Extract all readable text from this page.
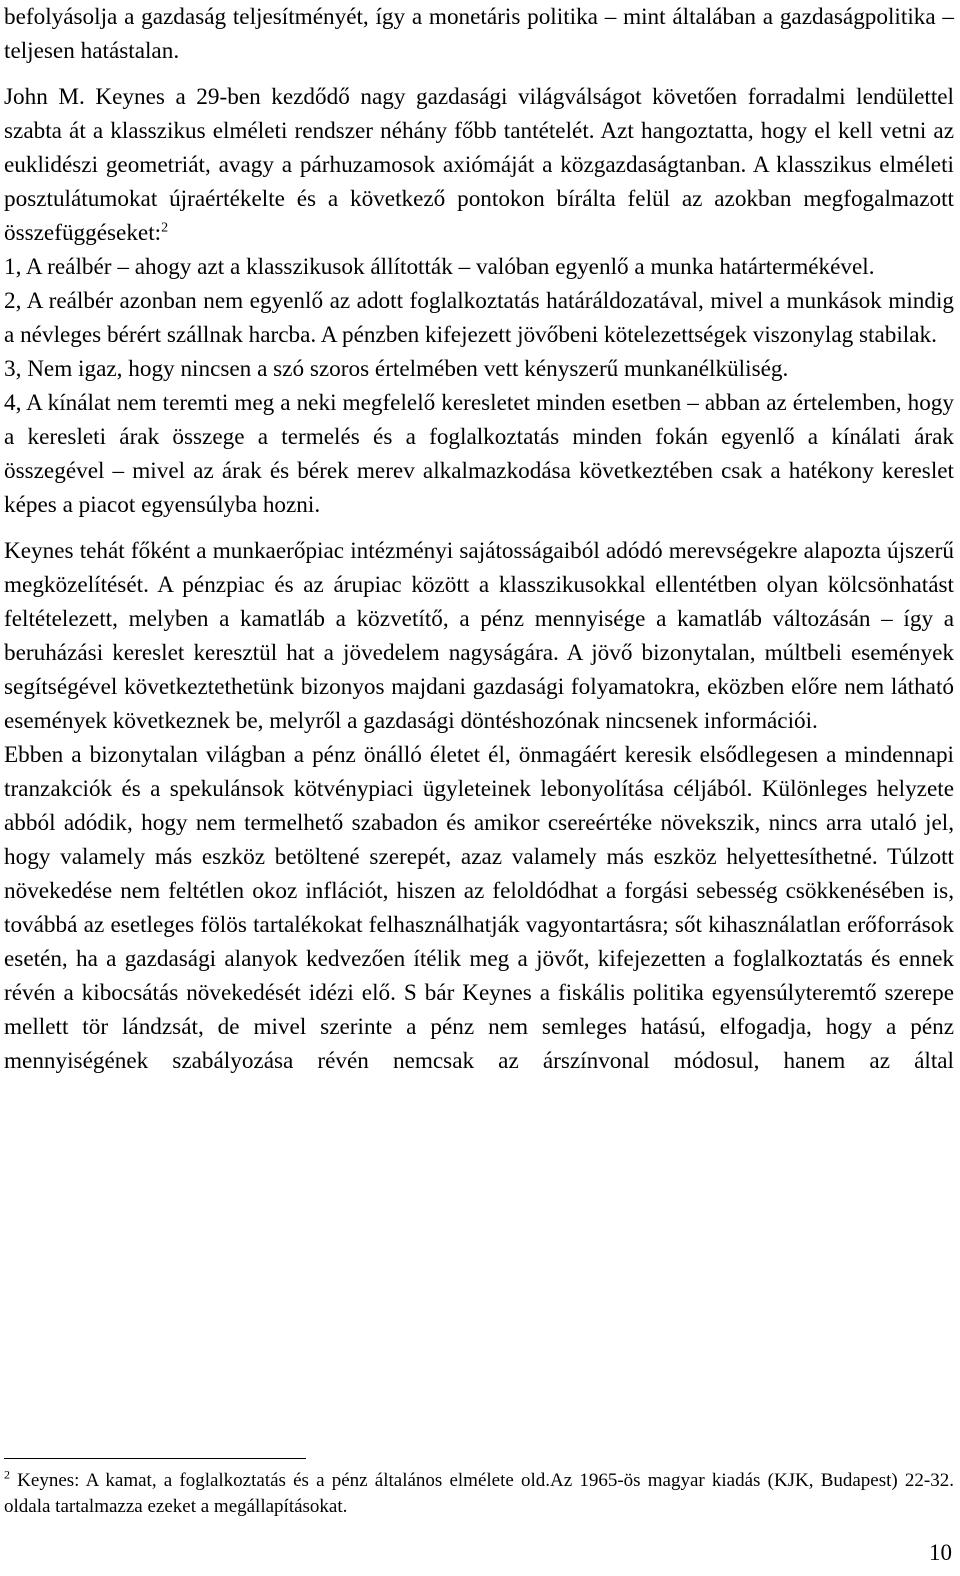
befolyásolja a gazdaság teljesítményét, így a monetáris politika – mint általában a gazdaságpolitika – teljesen hatástalan.

John M. Keynes a 29-ben kezdődő nagy gazdasági világválságot követően forradalmi lendülettel szabta át a klasszikus elméleti rendszer néhány főbb tantételét. Azt hangoztatta, hogy el kell vetni az euklidészi geometriát, avagy a párhuzamosok axiómáját a közgazdaságtanban. A klasszikus elméleti posztulátumokat újraértékelte és a következő pontokon bírálta felül az azokban megfogalmazott összefüggéseket:$^2$

1, A reálbér – ahogy azt a klasszikusok állították – valóban egyenlő a munka határtermékével.

2, A reálbér azonban nem egyenlő az adott foglalkoztatás határáldozatával, mivel a munkások mindig a névleges bérért szállnak harcba. A pénzben kifejezett jövőbeni kötelezettségek viszonylag stabilak.

3, Nem igaz, hogy nincsen a szó szoros értelmében vett kényszerű munkanélküliség.

4, A kínálat nem teremti meg a neki megfelelő keresletet minden esetben – abban az értelemben, hogy a keresleti árak összege a termelés és a foglalkoztatás minden fokán egyenlő a kínálati árak összegével – mivel az árak és bérek merev alkalmazkodása következtében csak a hatékony kereslet képes a piacot egyensúlyba hozni.

Keynes tehát főként a munkaerőpiac intézményi sajátosságaiból adódó merevségekre alapozta újszerű megközelítését. A pénzpiac és az árupiac között a klasszikusokkal ellentétben olyan kölcsönhatást feltételezett, melyben a kamatláb a közvetítő, a pénz mennyisége a kamatláb változásán – így a beruházási kereslet keresztül hat a jövedelem nagyságára. A jövő bizonytalan, múltbeli események segítségével következtethetünk bizonyos majdani gazdasági folyamatokra, eközben előre nem látható események következnek be, melyről a gazdasági döntéshozónak nincsenek információi.

Ebben a bizonytalan világban a pénz önálló életet él, önmagáért keresik elsődlegesen a mindennapi tranzakciók és a spekulánsok kötvénypiaci ügyleteinek lebonyolítása céljából. Különleges helyzete abból adódik, hogy nem termelhető szabadon és amikor csereértéke növekszik, nincs arra utaló jel, hogy valamely más eszköz betöltené szerepét, azaz valamely más eszköz helyettesíthetné. Túlzott növekedése nem feltétlen okoz inflációt, hiszen az feloldódhat a forgási sebesség csökkenésében is, továbbá az esetleges fölös tartalékokat felhasználhatják vagyontartásra; sőt kihasználatlan erőforrások esetén, ha a gazdasági alanyok kedvezően ítélik meg a jövőt, kifejezetten a foglalkoztatás és ennek révén a kibocsátás növekedését idézi elő. S bár Keynes a fiskális politika egyensúlyteremtő szerepe mellett tör lándzsát, de mivel szerinte a pénz nem semleges hatású, elfogadja, hogy a pénz mennyiségének szabályozása révén nemcsak az árszínvonal módosul, hanem az által

$^2$ Keynes: A kamat, a foglalkoztatás és a pénz általános elmélete old.Az 1965-ös magyar kiadás (KJK, Budapest) 22-32. oldala tartalmazza ezeket a megállapításokat.
10
